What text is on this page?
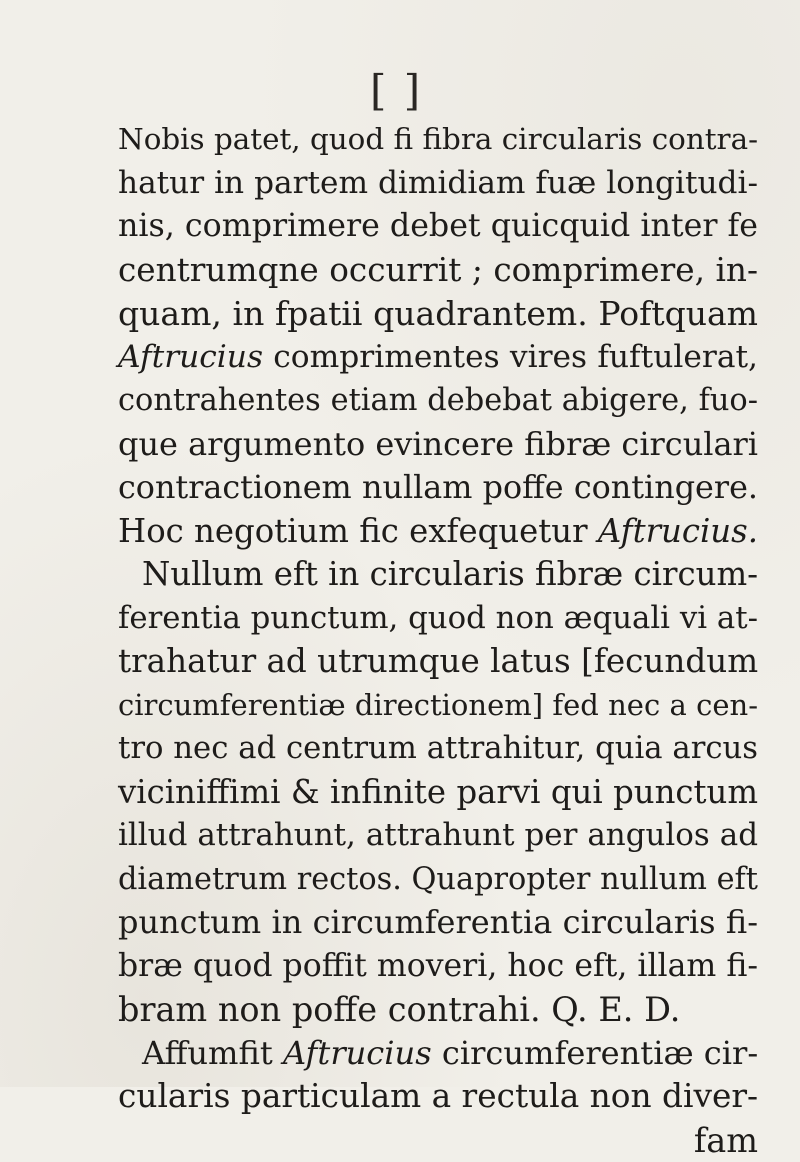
[ ]
Nobis patet, quod fi fibra circularis contra-
hatur in partem dimidiam fuæ longitudi-
nis, comprimere debet quicquid inter fe
centrumqne occurrit ; comprimere, in-
quam, in fpatii quadrantem. Poftquam
Aftrucius comprimentes vires fuftulerat,
contrahentes etiam debebat abigere, fuo-
que argumento evincere fibræ circulari
contractionem nullam poffe contingere.
Hoc negotium fic exfequetur Aftrucius.
Nullum eft in circularis fibræ circum-
ferentia punctum, quod non æquali vi at-
trahatur ad utrumque latus [fecundum
circumferentiæ directionem] fed nec a cen-
tro nec ad centrum attrahitur, quia arcus
viciniffimi & infinite parvi qui punctum
illud attrahunt, attrahunt per angulos ad
diametrum rectos. Quapropter nullum eft
punctum in circumferentia circularis fi-
bræ quod poffit moveri, hoc eft, illam fi-
bram non poffe contrahi. Q. E. D.
Affumfit Aftrucius circumferentiæ cir-
cularis particulam a rectula non diver-
fam
